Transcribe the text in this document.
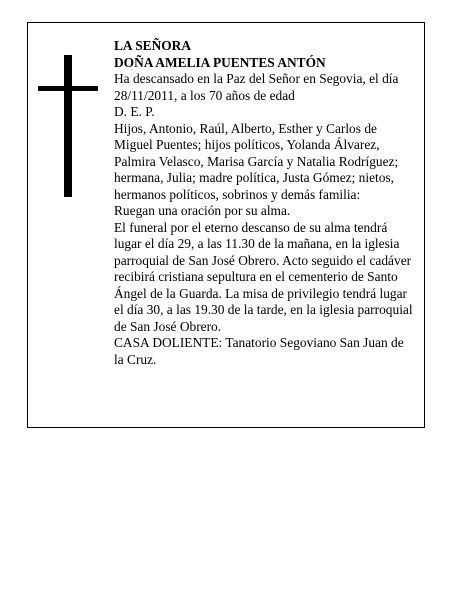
LA SEÑORA

DOÑA AMELIA PUENTES ANTÓN

Ha descansado en la Paz del Señor en Segovia, el día 28/11/2011, a los 70 años de edad

D. E. P.

Hijos, Antonio, Raúl, Alberto, Esther y Carlos de Miguel Puentes; hijos políticos, Yolanda Álvarez, Palmira Velasco, Marisa García y Natalia Rodríguez; hermana, Julia; madre política, Justa Gómez; nietos, hermanos políticos, sobrinos y demás familia:

Ruegan una oración por su alma.

El funeral por el eterno descanso de su alma tendrá lugar el día 29, a las 11.30 de la mañana, en la iglesia parroquial de San José Obrero. Acto seguido el cadáver recibirá cristiana sepultura en el cementerio de Santo Ángel de la Guarda. La misa de privilegio tendrá lugar el día 30, a las 19.30 de la tarde, en la iglesia parroquial de San José Obrero.

CASA DOLIENTE: Tanatorio Segoviano San Juan de la Cruz.
